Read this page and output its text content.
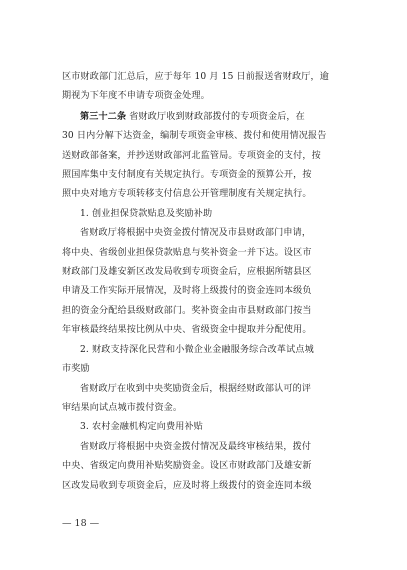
区市财政部门汇总后，应于每年 10 月 15 日前报送省财政厅，逾
期视为下年度不申请专项资金处理。
第三十二条 省财政厅收到财政部拨付的专项资金后，在
30 日内分解下达资金，编制专项资金审核、拨付和使用情况报告
送财政部备案，并抄送财政部河北监管局。专项资金的支付，按
照国库集中支付制度有关规定执行。专项资金的预算公开，按
照中央对地方专项转移支付信息公开管理制度有关规定执行。
1. 创业担保贷款贴息及奖励补助
省财政厅将根据中央资金拨付情况及市县财政部门申请，
将中央、省级创业担保贷款贴息与奖补资金一并下达。设区市
财政部门及雄安新区改发局收到专项资金后，应根据所辖县区
申请及工作实际开展情况，及时将上级拨付的资金连同本级负
担的资金分配给县级财政部门。奖补资金由市县财政部门按当
年审核最终结果按比例从中央、省级资金中提取并分配使用。
2. 财政支持深化民营和小微企业金融服务综合改革试点城
市奖励
省财政厅在收到中央奖励资金后，根据经财政部认可的评
审结果向试点城市拨付资金。
3. 农村金融机构定向费用补贴
省财政厅将根据中央资金拨付情况及最终审核结果，拨付
中央、省级定向费用补贴奖励资金。设区市财政部门及雄安新
区改发局收到专项资金后，应及时将上级拨付的资金连同本级
— 18 —
